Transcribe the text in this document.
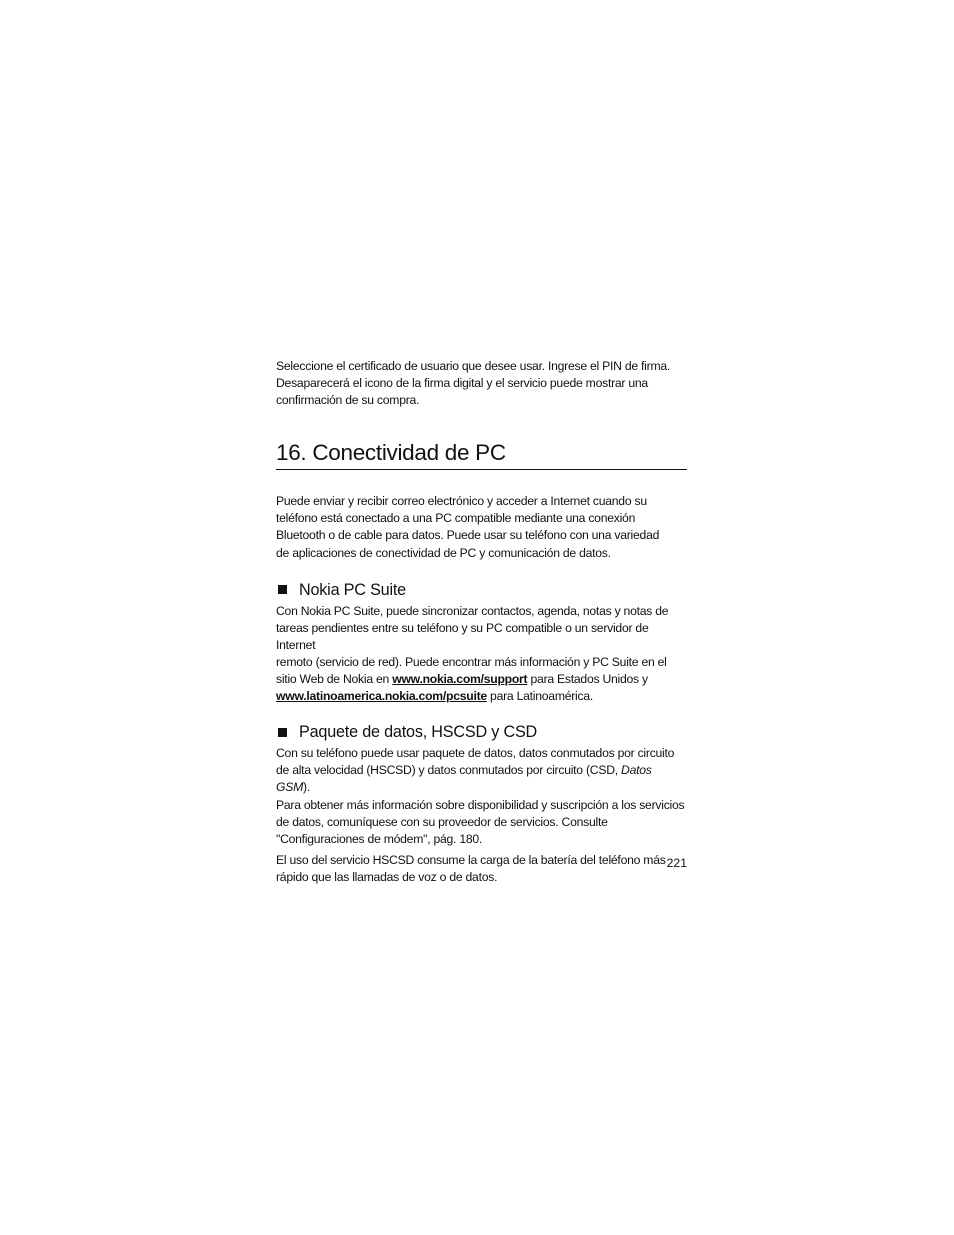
Seleccione el certificado de usuario que desee usar. Ingrese el PIN de firma.
Desaparecerá el icono de la firma digital y el servicio puede mostrar una
confirmación de su compra.

16. Conectividad de PC

Puede enviar y recibir correo electrónico y acceder a Internet cuando su
teléfono está conectado a una PC compatible mediante una conexión
Bluetooth o de cable para datos. Puede usar su teléfono con una variedad
de aplicaciones de conectividad de PC y comunicación de datos.

Nokia PC Suite

Con Nokia PC Suite, puede sincronizar contactos, agenda, notas y notas de
tareas pendientes entre su teléfono y su PC compatible o un servidor de Internet
remoto (servicio de red). Puede encontrar más información y PC Suite en el
sitio Web de Nokia en www.nokia.com/support para Estados Unidos y
www.latinoamerica.nokia.com/pcsuite para Latinoamérica.

Paquete de datos, HSCSD y CSD

Con su teléfono puede usar paquete de datos, datos conmutados por circuito
de alta velocidad (HSCSD) y datos conmutados por circuito (CSD, Datos GSM).
Para obtener más información sobre disponibilidad y suscripción a los servicios
de datos, comuníquese con su proveedor de servicios. Consulte
"Configuraciones de módem", pág. 180.

El uso del servicio HSCSD consume la carga de la batería del teléfono más
rápido que las llamadas de voz o de datos.

221
